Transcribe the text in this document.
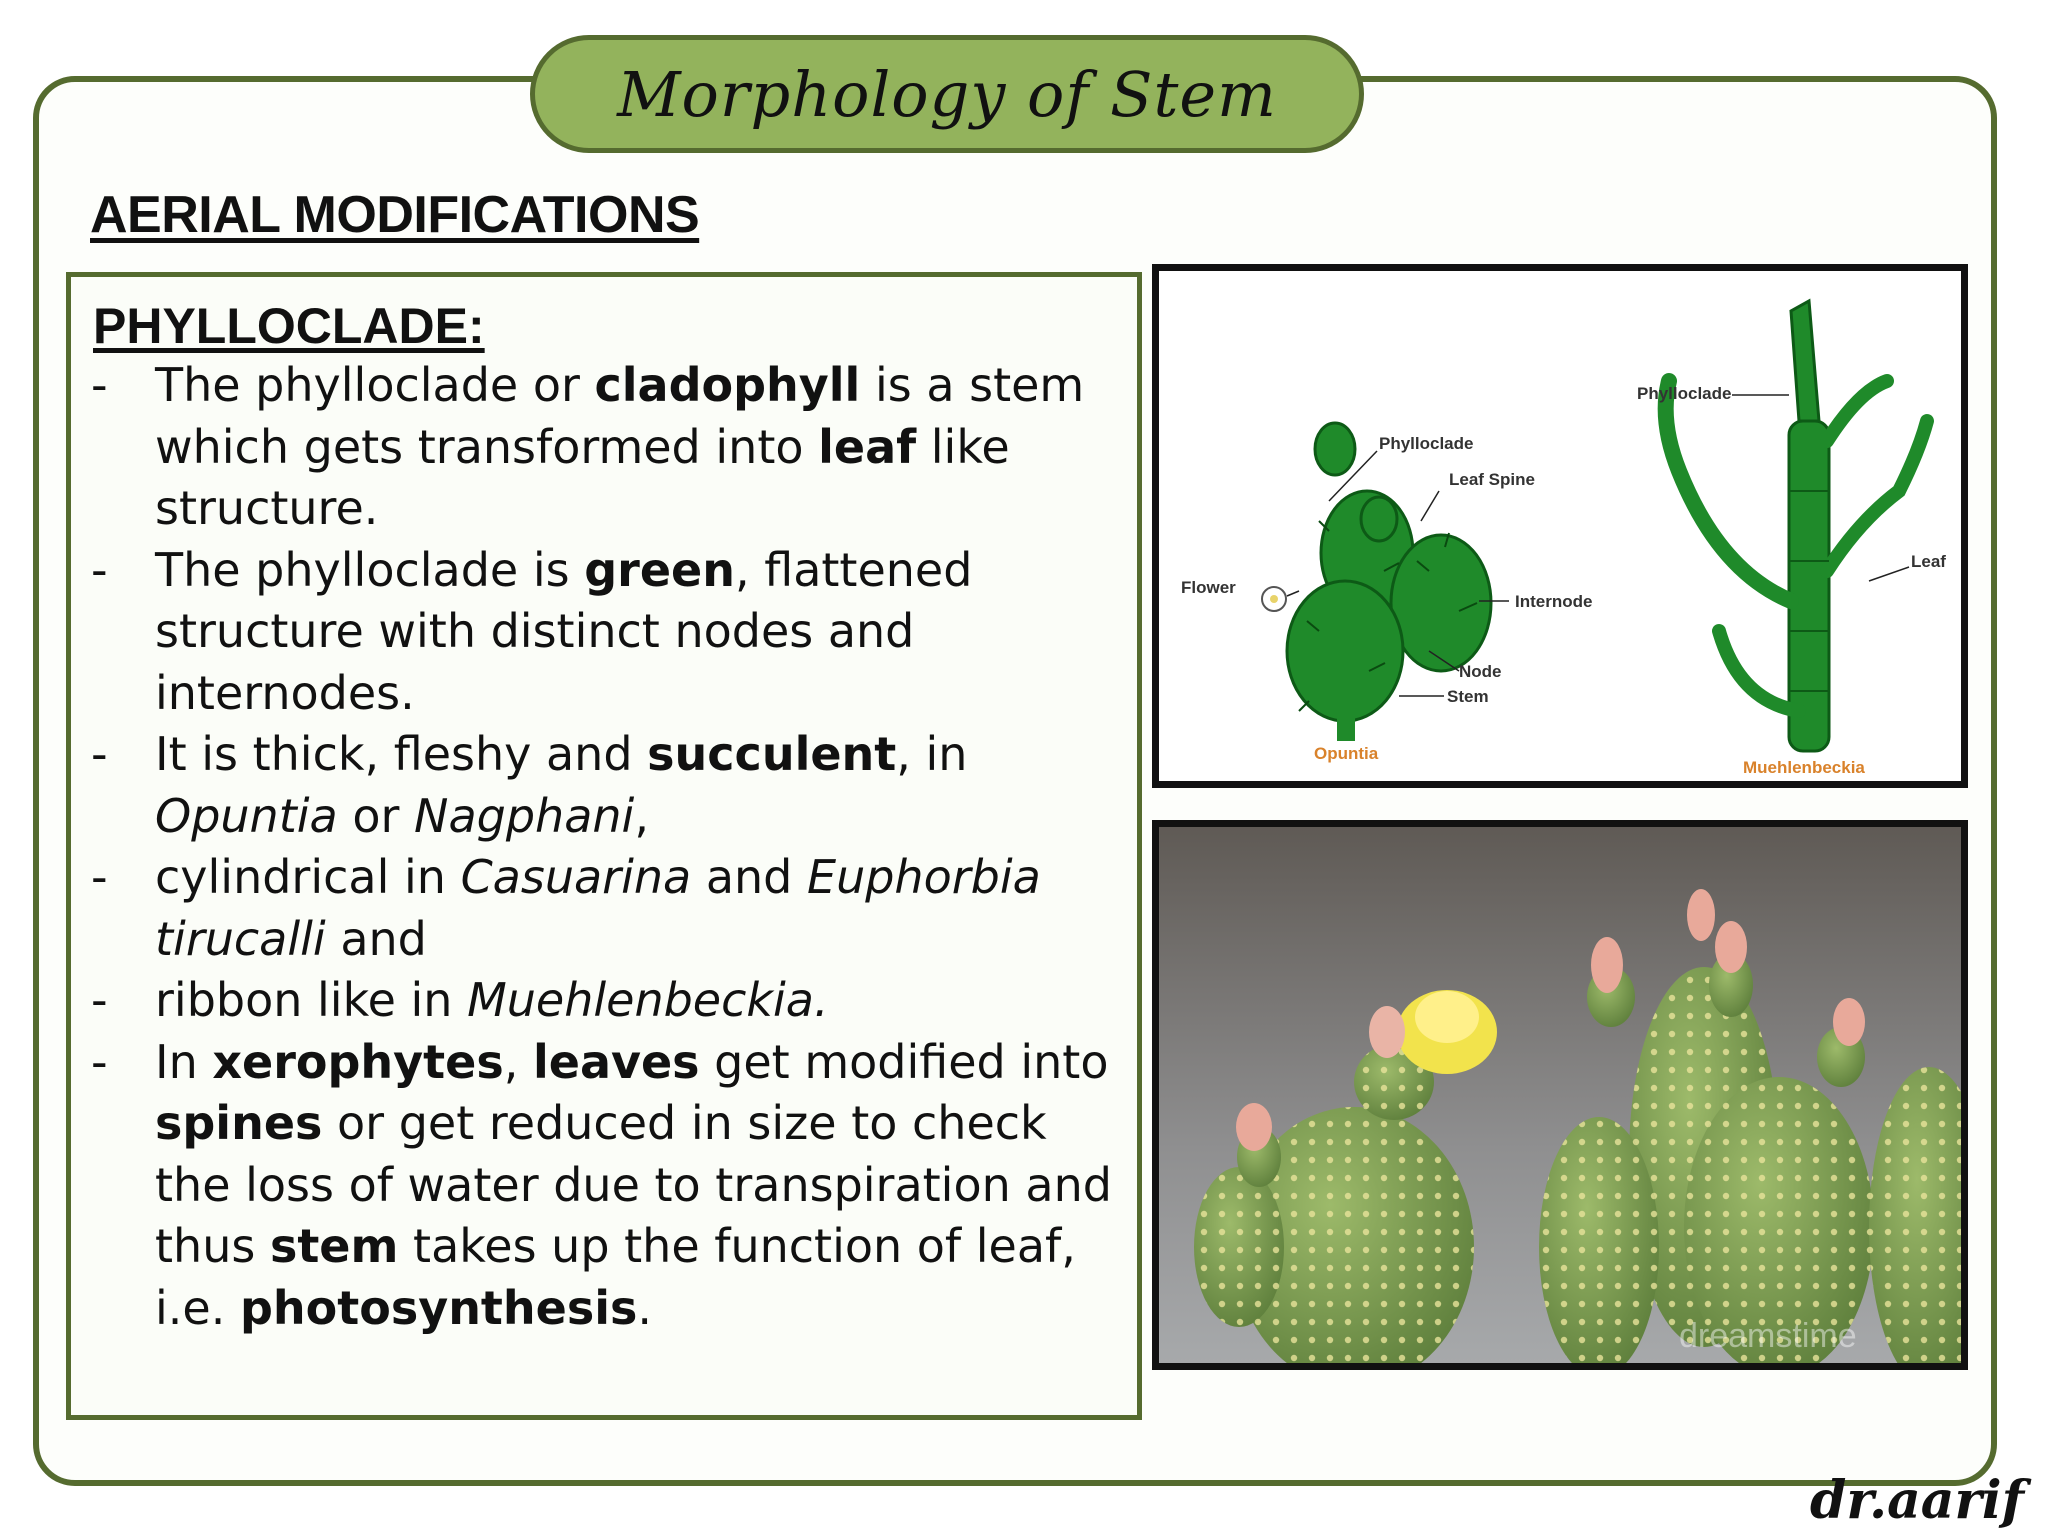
Morphology of Stem
AERIAL MODIFICATIONS
PHYLLOCLADE:
- The phylloclade or cladophyll is a stem which gets transformed into leaf like structure.
- The phylloclade is green, flattened structure with distinct nodes and internodes.
- It is thick, fleshy and succulent, in Opuntia or Nagphani,
- cylindrical in Casuarina and Euphorbia tirucalli and
- ribbon like in Muehlenbeckia.
- In xerophytes, leaves get modified into spines or get reduced in size to check the loss of water due to transpiration and thus stem takes up the function of leaf, i.e. photosynthesis.
Phylloclade
Leaf Spine
Flower
Internode
Node
Stem
Phylloclade
Leaf
Opuntia
Muehlenbeckia
dreamstime
dr.aarif
